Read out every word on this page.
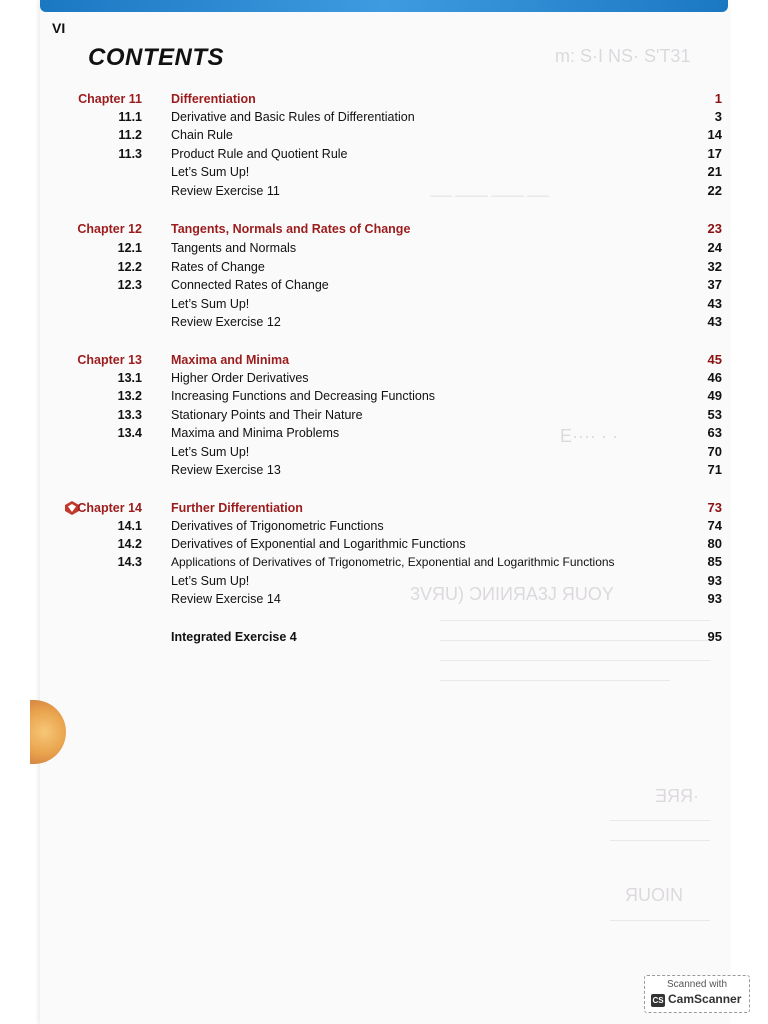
m: S·I NS· S'T31
—— ——— ——— ——
E···· · ·
3VЯU) ƆИIИЯA3J ЯUOY
ƎЯЯ·
ЯUOIN
VI
CONTENTS
Chapter 11 Differentiation	1
11.1 Derivative and Basic Rules of Differentiation	3
11.2 Chain Rule	14
11.3 Product Rule and Quotient Rule	17
Let’s Sum Up!	21
Review Exercise 11	22
Chapter 12 Tangents, Normals and Rates of Change	23
12.1 Tangents and Normals	24
12.2 Rates of Change	32
12.3 Connected Rates of Change	37
Let’s Sum Up!	43
Review Exercise 12	43
Chapter 13 Maxima and Minima	45
13.1 Higher Order Derivatives	46
13.2 Increasing Functions and Decreasing Functions	49
13.3 Stationary Points and Their Nature	53
13.4 Maxima and Minima Problems	63
Let’s Sum Up!	70
Review Exercise 13	71
Chapter 14 Further Differentiation	73
14.1 Derivatives of Trigonometric Functions	74
14.2 Derivatives of Exponential and Logarithmic Functions	80
14.3 Applications of Derivatives of Trigonometric, Exponential and Logarithmic Functions	85
Let’s Sum Up!	93
Review Exercise 14	93
Integrated Exercise 4	95
Scanned with
CS CamScanner
